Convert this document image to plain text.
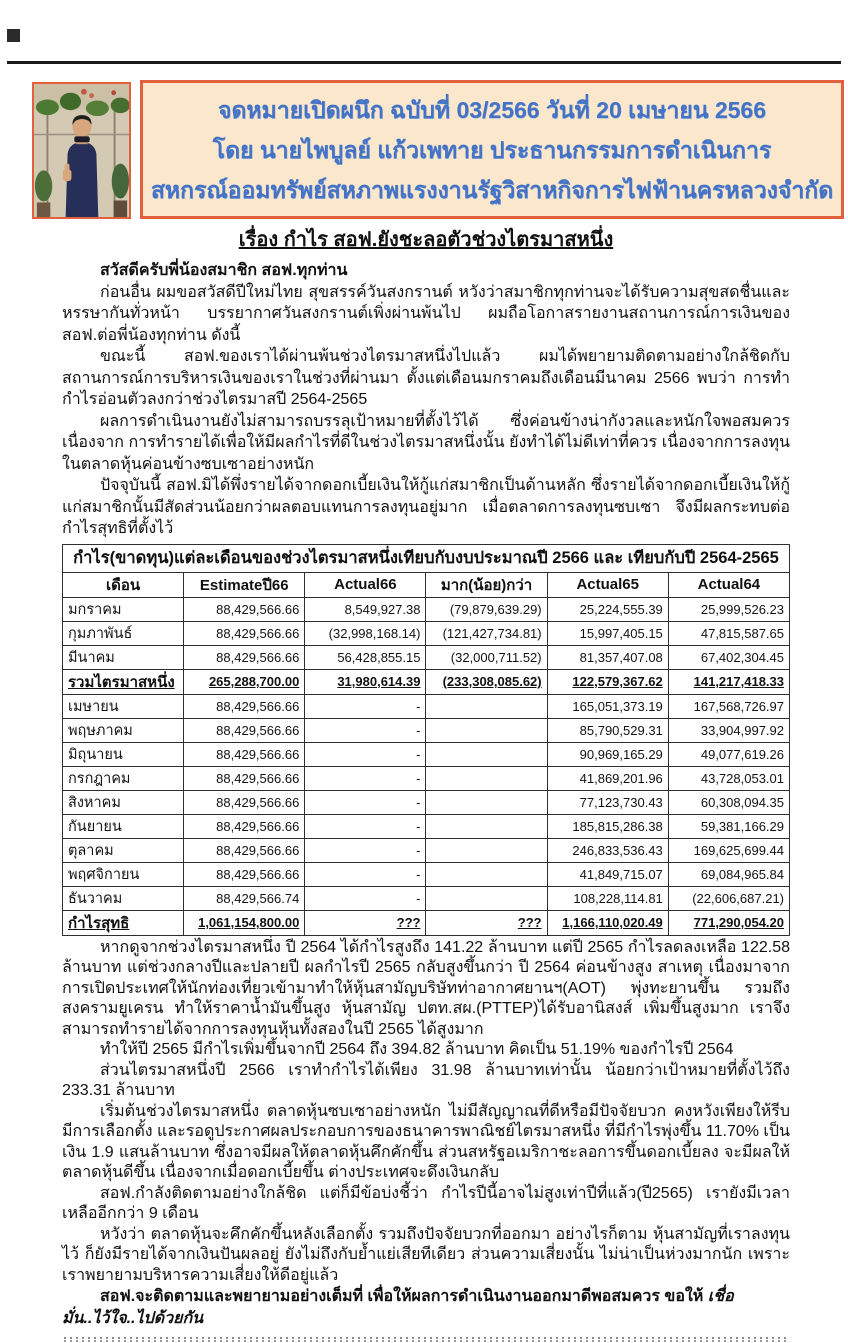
จดหมายเปิดผนึก ฉบับที่ 03/2566 วันที่ 20 เมษายน 2566
โดย นายไพบูลย์ แก้วเพทาย ประธานกรรมการดำเนินการ
สหกรณ์ออมทรัพย์สหภาพแรงงานรัฐวิสาหกิจการไฟฟ้านครหลวงจำกัด

เรื่อง กำไร สอฟ.ยังชะลอตัวช่วงไตรมาสหนึ่ง

สวัสดีครับพี่น้องสมาชิก สอฟ.ทุกท่าน

ก่อนอื่น ผมขอสวัสดีปีใหม่ไทย สุขสรรค์วันสงกรานต์ หวังว่าสมาชิกทุกท่านจะได้รับความสุขสดชื่นและหรรษากันทั่วหน้า บรรยากาศวันสงกรานต์เพิ่งผ่านพ้นไป ผมถือโอกาสรายงานสถานการณ์การเงินของ สอฟ.ต่อพี่น้องทุกท่าน ดังนี้

ขณะนี้ สอฟ.ของเราได้ผ่านพ้นช่วงไตรมาสหนึ่งไปแล้ว ผมได้พยายามติดตามอย่างใกล้ชิดกับสถานการณ์การบริหารเงินของเราในช่วงที่ผ่านมา ตั้งแต่เดือนมกราคมถึงเดือนมีนาคม 2566 พบว่า การทำกำไรอ่อนตัวลงกว่าช่วงไตรมาสปี 2564-2565

ผลการดำเนินงานยังไม่สามารถบรรลุเป้าหมายที่ตั้งไว้ได้ ซึ่งค่อนข้างน่ากังวลและหนักใจพอสมควร เนื่องจาก การทำรายได้เพื่อให้มีผลกำไรที่ดีในช่วงไตรมาสหนึ่งนั้น ยังทำได้ไม่ดีเท่าที่ควร เนื่องจากการลงทุนในตลาดหุ้นค่อนข้างซบเซาอย่างหนัก

ปัจจุบันนี้ สอฟ.มิได้พึ่งรายได้จากดอกเบี้ยเงินให้กู้แก่สมาชิกเป็นด้านหลัก ซึ่งรายได้จากดอกเบี้ยเงินให้กู้แก่สมาชิกนั้นมีสัดส่วนน้อยกว่าผลตอบแทนการลงทุนอยู่มาก เมื่อตลาดการลงทุนซบเซา จึงมีผลกระทบต่อกำไรสุทธิที่ตั้งไว้

กำไร(ขาดทุน)แต่ละเดือนของช่วงไตรมาสหนึ่งเทียบกับงบประมาณปี 2566 และ เทียบกับปี 2564-2565					
เดือน	Estimateปี66	Actual66	มาก(น้อย)กว่า	Actual65	Actual64
มกราคม	88,429,566.66	8,549,927.38	(79,879,639.29)	25,224,555.39	25,999,526.23
กุมภาพันธ์	88,429,566.66	(32,998,168.14)	(121,427,734.81)	15,997,405.15	47,815,587.65
มีนาคม	88,429,566.66	56,428,855.15	(32,000,711.52)	81,357,407.08	67,402,304.45
รวมไตรมาสหนึ่ง	265,288,700.00	31,980,614.39	(233,308,085.62)	122,579,367.62	141,217,418.33
เมษายน	88,429,566.66	-		165,051,373.19	167,568,726.97
พฤษภาคม	88,429,566.66	-		85,790,529.31	33,904,997.92
มิถุนายน	88,429,566.66	-		90,969,165.29	49,077,619.26
กรกฎาคม	88,429,566.66	-		41,869,201.96	43,728,053.01
สิงหาคม	88,429,566.66	-		77,123,730.43	60,308,094.35
กันยายน	88,429,566.66	-		185,815,286.38	59,381,166.29
ตุลาคม	88,429,566.66	-		246,833,536.43	169,625,699.44
พฤศจิกายน	88,429,566.66	-		41,849,715.07	69,084,965.84
ธันวาคม	88,429,566.74	-		108,228,114.81	(22,606,687.21)
กำไรสุทธิ	1,061,154,800.00	???	???	1,166,110,020.49	771,290,054.20

หากดูจากช่วงไตรมาสหนึ่ง ปี 2564 ได้กำไรสูงถึง 141.22 ล้านบาท แต่ปี 2565 กำไรลดลงเหลือ 122.58 ล้านบาท แต่ช่วงกลางปีและปลายปี ผลกำไรปี 2565 กลับสูงขึ้นกว่า ปี 2564 ค่อนข้างสูง สาเหตุ เนื่องมาจาก การเปิดประเทศให้นักท่องเที่ยวเข้ามาทำให้หุ้นสามัญบริษัทท่าอากาศยานฯ(AOT) พุ่งทะยานขึ้น รวมถึงสงครามยูเครน ทำให้ราคาน้ำมันขึ้นสูง หุ้นสามัญ ปตท.สผ.(PTTEP)ได้รับอานิสงส์ เพิ่มขึ้นสูงมาก เราจึงสามารถทำรายได้จากการลงทุนหุ้นทั้งสองในปี 2565 ได้สูงมาก

ทำให้ปี 2565 มีกำไรเพิ่มขึ้นจากปี 2564 ถึง 394.82 ล้านบาท คิดเป็น 51.19% ของกำไรปี 2564

ส่วนไตรมาสหนึ่งปี 2566 เราทำกำไรได้เพียง 31.98 ล้านบาทเท่านั้น น้อยกว่าเป้าหมายที่ตั้งไว้ถึง 233.31 ล้านบาท

เริ่มต้นช่วงไตรมาสหนึ่ง ตลาดหุ้นซบเซาอย่างหนัก ไม่มีสัญญาณที่ดีหรือมีปัจจัยบวก คงหวังเพียงให้รีบมีการเลือกตั้ง และรอดูประกาศผลประกอบการของธนาคารพาณิชย์ไตรมาสหนึ่ง ที่มีกำไรพุ่งขึ้น 11.70% เป็นเงิน 1.9 แสนล้านบาท ซึ่งอาจมีผลให้ตลาดหุ้นคึกคักขึ้น ส่วนสหรัฐอเมริกาชะลอการขึ้นดอกเบี้ยลง จะมีผลให้ตลาดหุ้นดีขึ้น เนื่องจากเมื่อดอกเบี้ยขึ้น ต่างประเทศจะดึงเงินกลับ

สอฟ.กำลังติดตามอย่างใกล้ชิด แต่ก็มีข้อบ่งชี้ว่า กำไรปีนี้อาจไม่สูงเท่าปีที่แล้ว(ปี2565) เรายังมีเวลาเหลืออีกกว่า 9 เดือน

หวังว่า ตลาดหุ้นจะคึกคักขึ้นหลังเลือกตั้ง รวมถึงปัจจัยบวกที่ออกมา อย่างไรก็ตาม หุ้นสามัญที่เราลงทุนไว้ ก็ยังมีรายได้จากเงินปันผลอยู่ ยังไม่ถึงกับย้ำแย่เสียทีเดียว ส่วนความเสี่ยงนั้น ไม่น่าเป็นห่วงมากนัก เพราะเราพยายามบริหารความเสี่ยงให้ดีอยู่แล้ว

สอฟ.จะติดตามและพยายามอย่างเต็มที่ เพื่อให้ผลการดำเนินงานออกมาดีพอสมควร ขอให้ เชื่อมั่น..ไว้ใจ..ไปด้วยกัน
